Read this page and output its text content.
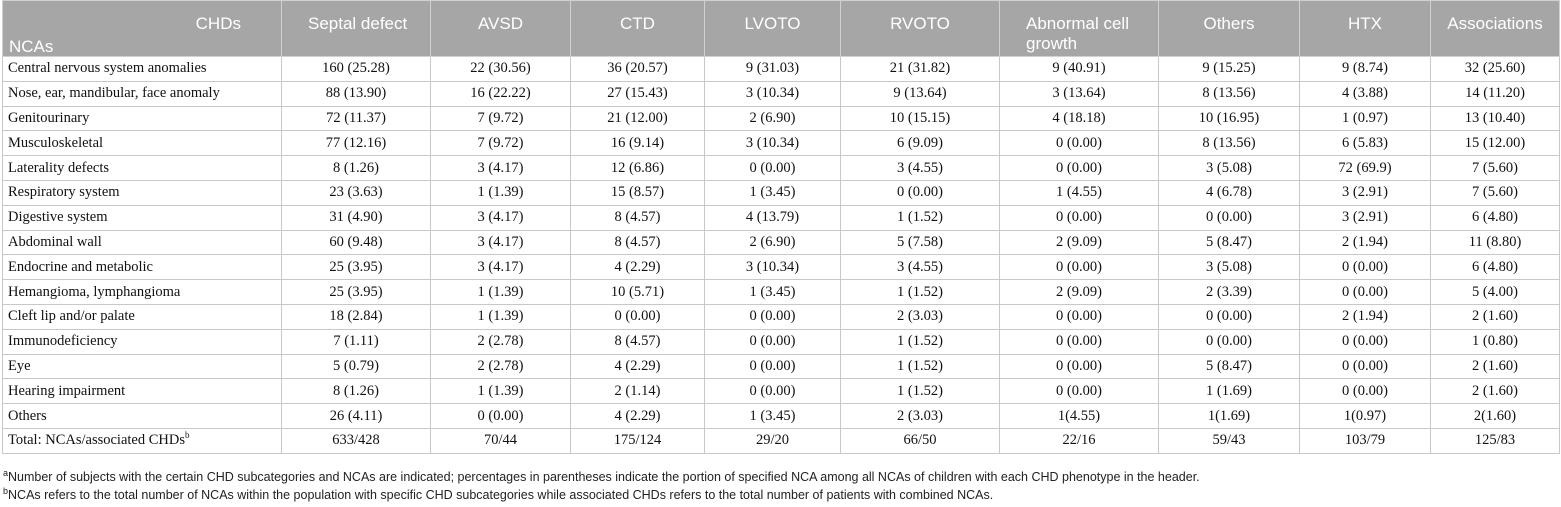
CHDs
NCAs	Septal defect	AVSD	CTD	LVOTO	RVOTO	Abnormal cell growth	Others	HTX	Associations

Central nervous system anomalies	160 (25.28)	22 (30.56)	36 (20.57)	9 (31.03)	21 (31.82)	9 (40.91)	9 (15.25)	9 (8.74)	32 (25.60)
Nose, ear, mandibular, face anomaly	88 (13.90)	16 (22.22)	27 (15.43)	3 (10.34)	9 (13.64)	3 (13.64)	8 (13.56)	4 (3.88)	14 (11.20)
Genitourinary	72 (11.37)	7 (9.72)	21 (12.00)	2 (6.90)	10 (15.15)	4 (18.18)	10 (16.95)	1 (0.97)	13 (10.40)
Musculoskeletal	77 (12.16)	7 (9.72)	16 (9.14)	3 (10.34)	6 (9.09)	0 (0.00)	8 (13.56)	6 (5.83)	15 (12.00)
Laterality defects	8 (1.26)	3 (4.17)	12 (6.86)	0 (0.00)	3 (4.55)	0 (0.00)	3 (5.08)	72 (69.9)	7 (5.60)
Respiratory system	23 (3.63)	1 (1.39)	15 (8.57)	1 (3.45)	0 (0.00)	1 (4.55)	4 (6.78)	3 (2.91)	7 (5.60)
Digestive system	31 (4.90)	3 (4.17)	8 (4.57)	4 (13.79)	1 (1.52)	0 (0.00)	0 (0.00)	3 (2.91)	6 (4.80)
Abdominal wall	60 (9.48)	3 (4.17)	8 (4.57)	2 (6.90)	5 (7.58)	2 (9.09)	5 (8.47)	2 (1.94)	11 (8.80)
Endocrine and metabolic	25 (3.95)	3 (4.17)	4 (2.29)	3 (10.34)	3 (4.55)	0 (0.00)	3 (5.08)	0 (0.00)	6 (4.80)
Hemangioma, lymphangioma	25 (3.95)	1 (1.39)	10 (5.71)	1 (3.45)	1 (1.52)	2 (9.09)	2 (3.39)	0 (0.00)	5 (4.00)
Cleft lip and/or palate	18 (2.84)	1 (1.39)	0 (0.00)	0 (0.00)	2 (3.03)	0 (0.00)	0 (0.00)	2 (1.94)	2 (1.60)
Immunodeficiency	7 (1.11)	2 (2.78)	8 (4.57)	0 (0.00)	1 (1.52)	0 (0.00)	0 (0.00)	0 (0.00)	1 (0.80)
Eye	5 (0.79)	2 (2.78)	4 (2.29)	0 (0.00)	1 (1.52)	0 (0.00)	5 (8.47)	0 (0.00)	2 (1.60)
Hearing impairment	8 (1.26)	1 (1.39)	2 (1.14)	0 (0.00)	1 (1.52)	0 (0.00)	1 (1.69)	0 (0.00)	2 (1.60)
Others	26 (4.11)	0 (0.00)	4 (2.29)	1 (3.45)	2 (3.03)	1(4.55)	1(1.69)	1(0.97)	2(1.60)
Total: NCAs/associated CHDs$^b$	633/428	70/44	175/124	29/20	66/50	22/16	59/43	103/79	125/83
$^a$Number of subjects with the certain CHD subcategories and NCAs are indicated; percentages in parentheses indicate the portion of specified NCA among all NCAs of children with each CHD phenotype in the header.
$^b$NCAs refers to the total number of NCAs within the population with specific CHD subcategories while associated CHDs refers to the total number of patients with combined NCAs.
